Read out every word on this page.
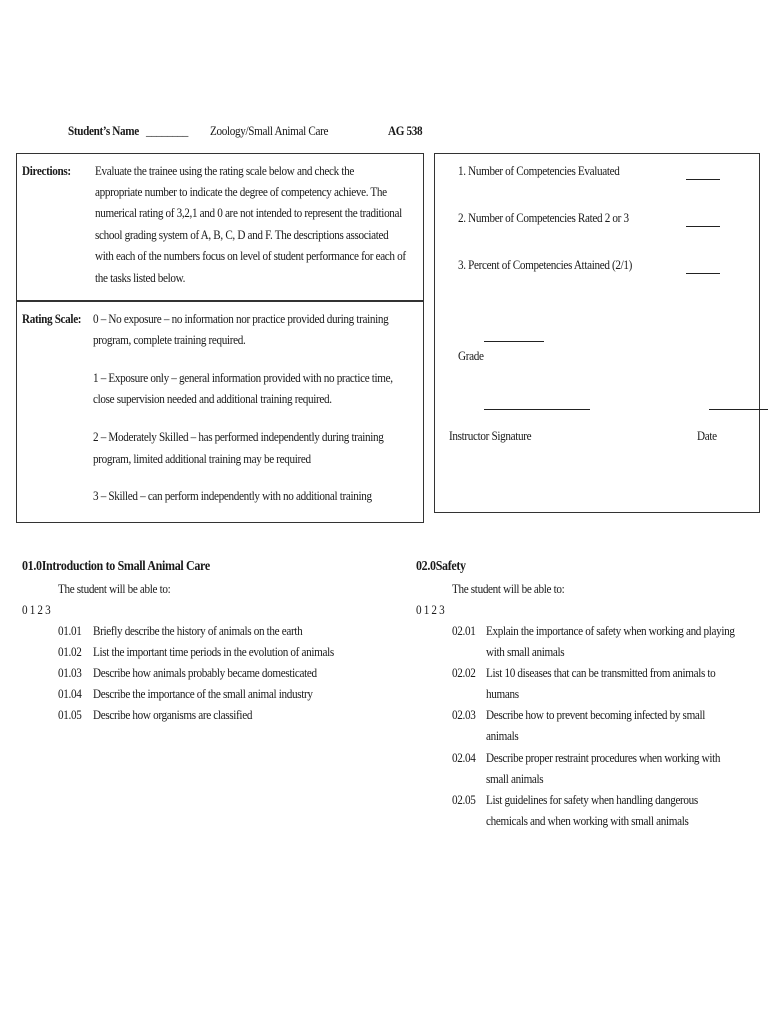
Student’s Name ________ Zoology/Small Animal Care	AG 538
Directions: Evaluate the trainee using the rating scale below and check the
appropriate number to indicate the degree of competency achieve. The
numerical rating of 3,2,1 and 0 are not intended to represent the traditional
school grading system of A, B, C, D and F. The descriptions associated
with each of the numbers focus on level of student performance for each of
the tasks listed below.
Rating Scale: 0 – No exposure – no information nor practice provided during training
program, complete training required.
1 – Exposure only – general information provided with no practice time,
close supervision needed and additional training required.
2 – Moderately Skilled – has performed independently during training
program, limited additional training may be required
3 – Skilled – can perform independently with no additional training
1. Number of Competencies Evaluated
2. Number of Competencies Rated 2 or 3
3. Percent of Competencies Attained (2/1)
Grade
Instructor Signature	Date
01.0Introduction to Small Animal Care
The student will be able to:
0 1 2 3
01.01 Briefly describe the history of animals on the earth
01.02 List the important time periods in the evolution of animals
01.03 Describe how animals probably became domesticated
01.04 Describe the importance of the small animal industry
01.05 Describe how organisms are classified
02.0Safety
The student will be able to:
0 1 2 3
02.01 Explain the importance of safety when working and playing
with small animals
02.02 List 10 diseases that can be transmitted from animals to
humans
02.03 Describe how to prevent becoming infected by small
animals
02.04 Describe proper restraint procedures when working with
small animals
02.05 List guidelines for safety when handling dangerous
chemicals and when working with small animals
